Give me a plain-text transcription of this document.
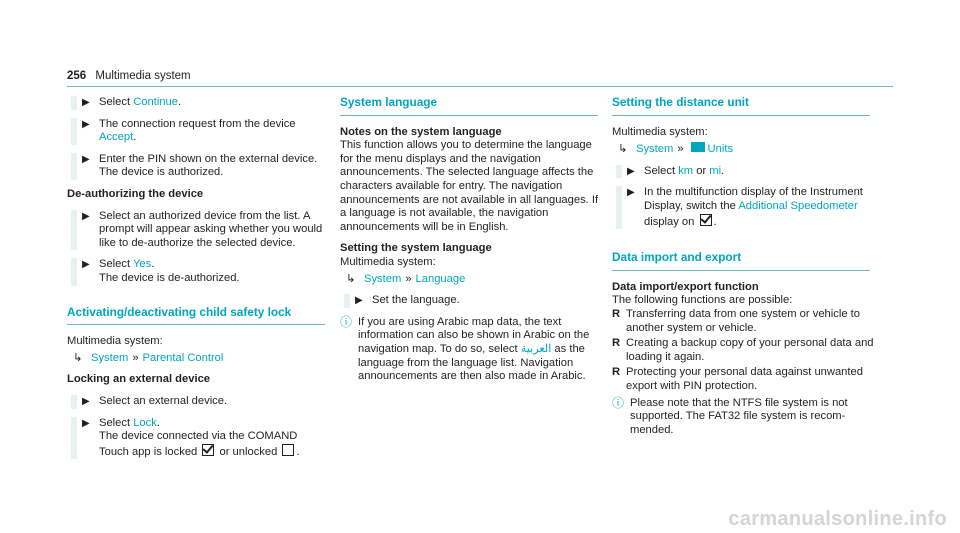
256 Multimedia system
▶ Select Continue.
▶ The connection request from the device
Accept.
▶ Enter the PIN shown on the external device. The device is authorized.
De-authorizing the device
▶ Select an authorized device from the list. A prompt will appear asking whether you would like to de-authorize the selected device.
▶ Select Yes.
The device is de-authorized.
Activating/deactivating child safety lock
Multimedia system:
↳ System » Parental Control
Locking an external device
▶ Select an external device.
▶ Select Lock.
The device connected via the COMAND Touch app is locked or unlocked .
System language
Notes on the system language
This function allows you to determine the language for the menu displays and the navigation announcements. The selected language affects the characters available for entry. The navigation announcements are not available in all languages. If a language is not available, the navigation announcements will be in English.
Setting the system language
Multimedia system:
↳ System » Language
▶ Set the language.
ⓘ If you are using Arabic map data, the text information can also be shown in Arabic on the navigation map. To do so, select العربية as the language from the language list. Navigation announcements are then also made in Arabic.
Setting the distance unit
Multimedia system:
↳ System » Units
▶ Select km or mi.
▶ In the multifunction display of the Instrument Display, switch the Additional Speedometer display on .
Data import and export
Data import/export function
The following functions are possible:
R Transferring data from one system or vehicle to another system or vehicle.
R Creating a backup copy of your personal data and loading it again.
R Protecting your personal data against unwanted export with PIN protection.
ⓘ Please note that the NTFS file system is not supported. The FAT32 file system is recommended.
carmanualsonline.info
